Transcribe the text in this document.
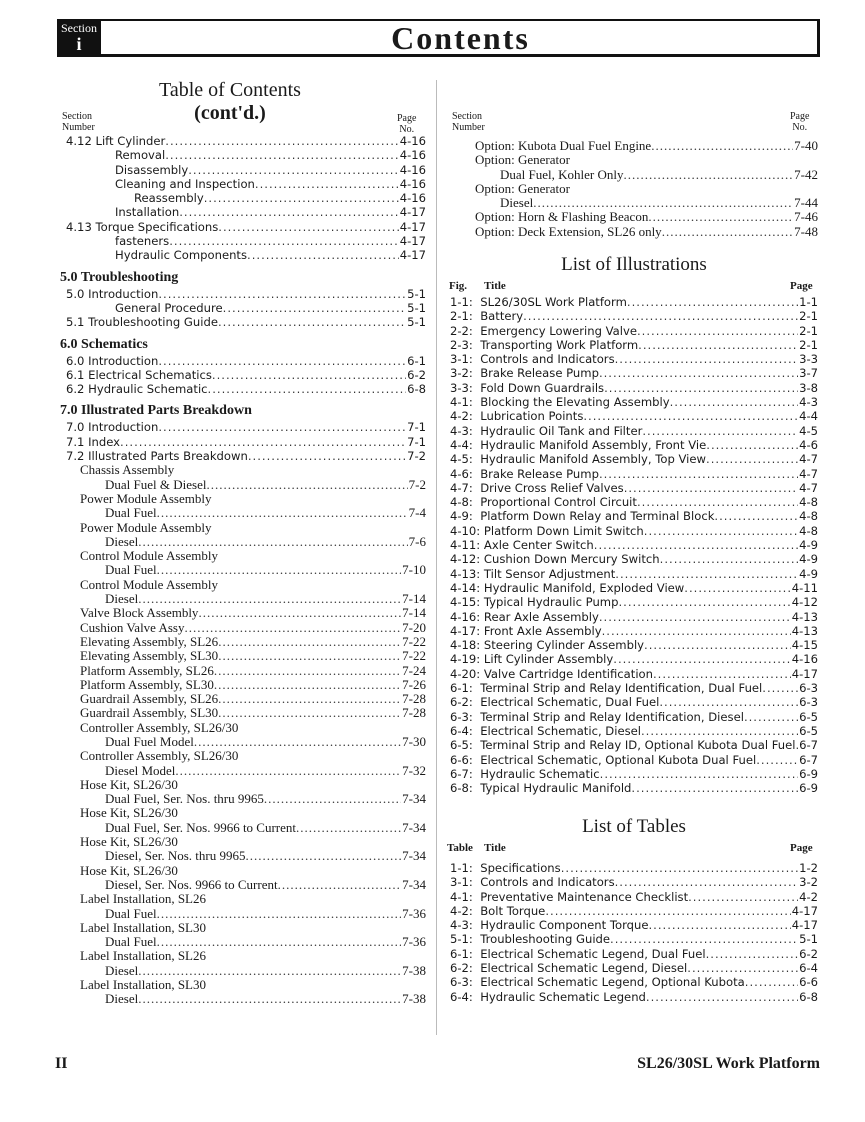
Section
i	Contents
Table of Contents
(cont'd.)
Section
Number
Page
No.
4.12 Lift Cylinder .....	4-16
Removal .....	4-16
Disassembly .....	4-16
Cleaning and Inspection .....	4-16
Reassembly .....	4-16
Installation .....	4-17
4.13 Torque Specifications .....	4-17
fasteners .....	4-17
Hydraulic Components .....	4-17
5.0 Troubleshooting
5.0 Introduction .....	5-1
General Procedure .....	5-1
5.1 Troubleshooting Guide .....	5-1
6.0 Schematics
6.0 Introduction .....	6-1
6.1 Electrical Schematics .....	6-2
6.2 Hydraulic Schematic .....	6-8
7.0 Illustrated Parts Breakdown
7.0 Introduction .....	7-1
7.1 Index .....	7-1
7.2 Illustrated Parts Breakdown .....	7-2
Chassis Assembly
Dual Fuel & Diesel .....	7-2
Power Module Assembly
Dual Fuel .....	7-4
Power Module Assembly
Diesel .....	7-6
Control Module Assembly
Dual Fuel .....	7-10
Control Module Assembly
Diesel .....	7-14
Valve Block Assembly .....	7-14
Cushion Valve Assy .....	7-20
Elevating Assembly, SL26 .....	7-22
Elevating Assembly, SL30 .....	7-22
Platform Assembly, SL26 .....	7-24
Platform Assembly, SL30 .....	7-26
Guardrail Assembly, SL26 .....	7-28
Guardrail Assembly, SL30 .....	7-28
Controller Assembly, SL26/30
Dual Fuel Model .....	7-30
Controller Assembly, SL26/30
Diesel Model .....	7-32
Hose Kit, SL26/30
Dual Fuel, Ser. Nos. thru 9965 .....	7-34
Hose Kit, SL26/30
Dual Fuel, Ser. Nos. 9966 to Current .....	7-34
Hose Kit, SL26/30
Diesel, Ser. Nos. thru 9965 .....	7-34
Hose Kit, SL26/30
Diesel, Ser. Nos. 9966 to Current .....	7-34
Label Installation, SL26
Dual Fuel .....	7-36
Label Installation, SL30
Dual Fuel .....	7-36
Label Installation, SL26
Diesel .....	7-38
Label Installation, SL30
Diesel .....	7-38
Section
Number
Page
No.
Option: Kubota Dual Fuel Engine .....	7-40
Option: Generator
Dual Fuel, Kohler Only .....	7-42
Option: Generator
Diesel .....	7-44
Option: Horn & Flashing Beacon .....	7-46
Option: Deck Extension, SL26 only .....	7-48
List of Illustrations
Fig. Title	Page
1-1:  SL26/30SL Work Platform .....	1-1
2-1:  Battery .....	2-1
2-2:  Emergency Lowering Valve .....	2-1
2-3:  Transporting Work Platform .....	2-1
3-1:  Controls and Indicators .....	3-3
3-2:  Brake Release Pump .....	3-7
3-3:  Fold Down Guardrails .....	3-8
4-1:  Blocking the Elevating Assembly .....	4-3
4-2:  Lubrication Points .....	4-4
4-3:  Hydraulic Oil Tank and Filter .....	4-5
4-4:  Hydraulic Manifold Assembly, Front Vie .....	4-6
4-5:  Hydraulic Manifold Assembly, Top View .....	4-7
4-6:  Brake Release Pump .....	4-7
4-7:  Drive Cross Relief Valves .....	4-7
4-8:  Proportional Control Circuit .....	4-8
4-9:  Platform Down Relay and Terminal Block .....	4-8
4-10: Platform Down Limit Switch .....	4-8
4-11: Axle Center Switch .....	4-9
4-12: Cushion Down Mercury Switch .....	4-9
4-13: Tilt Sensor Adjustment .....	4-9
4-14: Hydraulic Manifold, Exploded View .....	4-11
4-15: Typical Hydraulic Pump .....	4-12
4-16: Rear Axle Assembly .....	4-13
4-17: Front Axle Assembly .....	4-13
4-18: Steering Cylinder Assembly .....	4-15
4-19: Lift Cylinder Assembly .....	4-16
4-20: Valve Cartridge Identification .....	4-17
6-1:  Terminal Strip and Relay Identification, Dual Fuel .....	6-3
6-2:  Electrical Schematic, Dual Fuel .....	6-3
6-3:  Terminal Strip and Relay Identification, Diesel .....	6-5
6-4:  Electrical Schematic, Diesel .....	6-5
6-5:  Terminal Strip and Relay ID, Optional Kubota Dual Fuel ..... 6-7
6-6:  Electrical Schematic, Optional Kubota Dual Fuel .....	6-7
6-7:  Hydraulic Schematic .....	6-9
6-8:  Typical Hydraulic Manifold .....	6-9
List of Tables
Table Title	Page
1-1:  Specifications .....	1-2
3-1:  Controls and Indicators .....	3-2
4-1:  Preventative Maintenance Checklist .....	4-2
4-2:  Bolt Torque .....	4-17
4-3:  Hydraulic Component Torque .....	4-17
5-1:  Troubleshooting Guide .....	5-1
6-1:  Electrical Schematic Legend, Dual Fuel .....	6-2
6-2:  Electrical Schematic Legend, Diesel .....	6-4
6-3:  Electrical Schematic Legend, Optional Kubota .....	6-6
6-4:  Hydraulic Schematic Legend .....	6-8
II	SL26/30SL Work Platform
